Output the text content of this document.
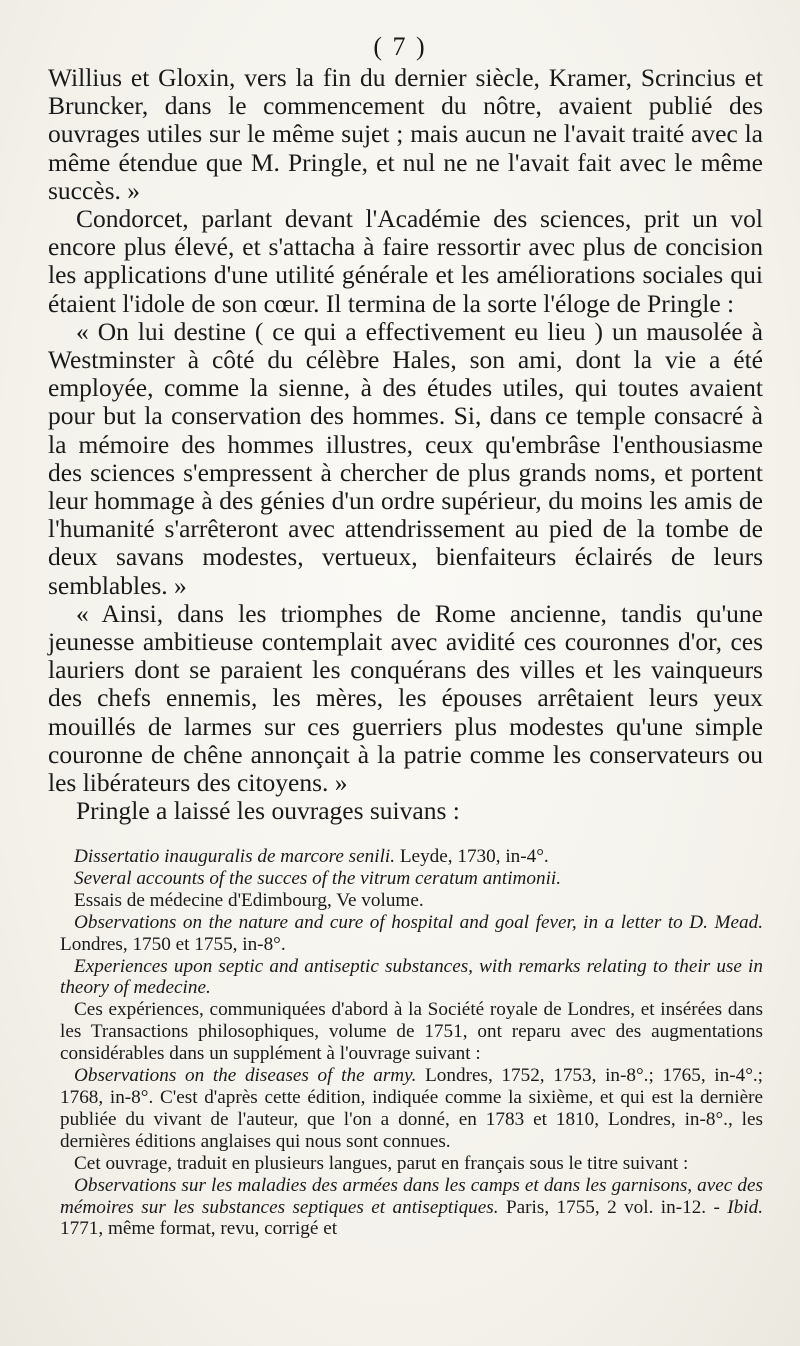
( 7 )

Willius et Gloxin, vers la fin du dernier siècle, Kramer, Scrincius et Bruncker, dans le commencement du nôtre, avaient publié des ouvrages utiles sur le même sujet ; mais aucun ne l'avait traité avec la même étendue que M. Pringle, et nul ne ne l'avait fait avec le même succès. »

Condorcet, parlant devant l'Académie des sciences, prit un vol encore plus élevé, et s'attacha à faire ressortir avec plus de concision les applications d'une utilité générale et les améliorations sociales qui étaient l'idole de son cœur. Il termina de la sorte l'éloge de Pringle :

« On lui destine ( ce qui a effectivement eu lieu ) un mausolée à Westminster à côté du célèbre Hales, son ami, dont la vie a été employée, comme la sienne, à des études utiles, qui toutes avaient pour but la conservation des hommes. Si, dans ce temple consacré à la mémoire des hommes illustres, ceux qu'embrâse l'enthousiasme des sciences s'empressent à chercher de plus grands noms, et portent leur hommage à des génies d'un ordre supérieur, du moins les amis de l'humanité s'arrêteront avec attendrissement au pied de la tombe de deux savans modestes, vertueux, bienfaiteurs éclairés de leurs semblables. »

« Ainsi, dans les triomphes de Rome ancienne, tandis qu'une jeunesse ambitieuse contemplait avec avidité ces couronnes d'or, ces lauriers dont se paraient les conquérans des villes et les vainqueurs des chefs ennemis, les mères, les épouses arrêtaient leurs yeux mouillés de larmes sur ces guerriers plus modestes qu'une simple couronne de chêne annonçait à la patrie comme les conservateurs ou les libérateurs des citoyens. »

Pringle a laissé les ouvrages suivans :

Dissertatio inauguralis de marcore senili. Leyde, 1730, in-4°.

Several accounts of the succes of the vitrum ceratum antimonii.

Essais de médecine d'Edimbourg, Ve volume.

Observations on the nature and cure of hospital and goal fever, in a letter to D. Mead. Londres, 1750 et 1755, in-8°.

Experiences upon septic and antiseptic substances, with remarks relating to their use in theory of medecine.

Ces expériences, communiquées d'abord à la Société royale de Londres, et insérées dans les Transactions philosophiques, volume de 1751, ont reparu avec des augmentations considérables dans un supplément à l'ouvrage suivant :

Observations on the diseases of the army. Londres, 1752, 1753, in-8°.; 1765, in-4°.; 1768, in-8°. C'est d'après cette édition, indiquée comme la sixième, et qui est la dernière publiée du vivant de l'auteur, que l'on a donné, en 1783 et 1810, Londres, in-8°., les dernières éditions anglaises qui nous sont connues.

Cet ouvrage, traduit en plusieurs langues, parut en français sous le titre suivant :

Observations sur les maladies des armées dans les camps et dans les garnisons, avec des mémoires sur les substances septiques et antiseptiques. Paris, 1755, 2 vol. in-12. - Ibid. 1771, même format, revu, corrigé et
